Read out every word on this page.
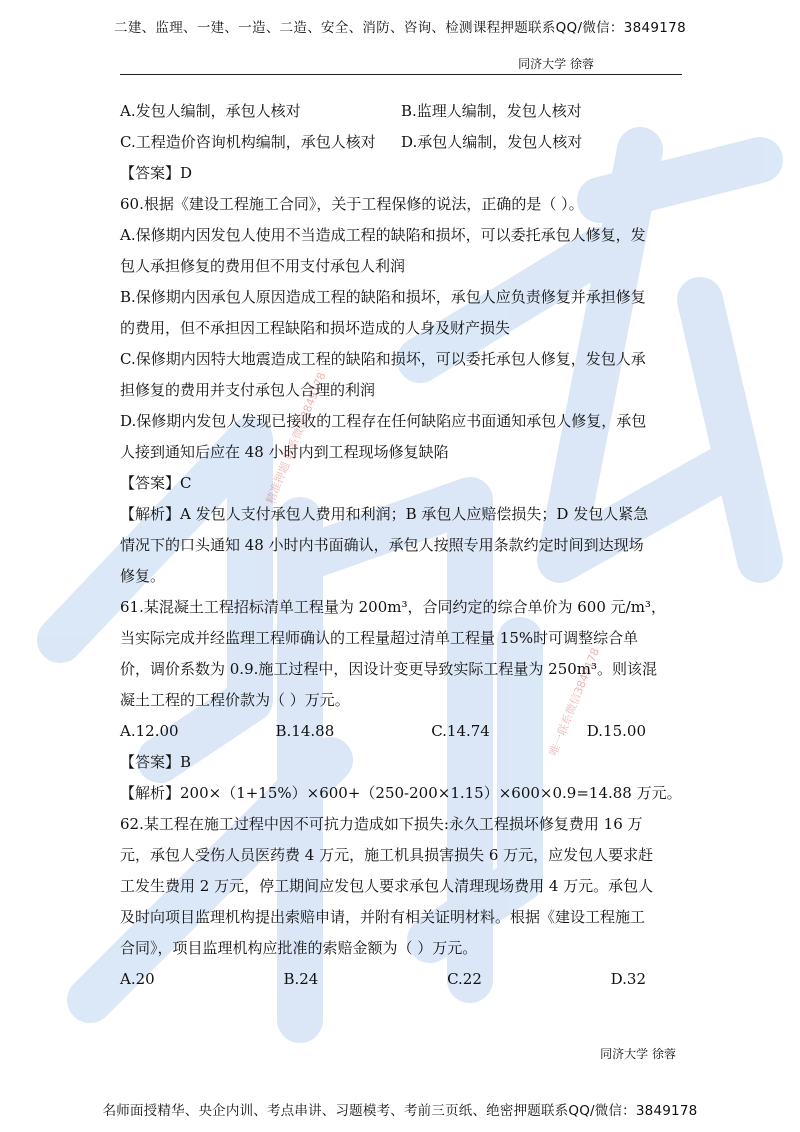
精准押题 联系微信3849178
唯一联系微信3849178
二建、监理、一建、一造、二造、安全、消防、咨询、检测课程押题联系QQ/微信：3849178
同济大学 徐蓉
A.发包人编制，承包人核对	B.监理人编制，发包人核对
C.工程造价咨询机构编制，承包人核对	D.承包人编制，发包人核对
【答案】D
60.根据《建设工程施工合同》，关于工程保修的说法，正确的是（ ）。
A.保修期内因发包人使用不当造成工程的缺陷和损坏，可以委托承包人修复，发
包人承担修复的费用但不用支付承包人利润
B.保修期内因承包人原因造成工程的缺陷和损坏，承包人应负责修复并承担修复
的费用，但不承担因工程缺陷和损坏造成的人身及财产损失
C.保修期内因特大地震造成工程的缺陷和损坏，可以委托承包人修复，发包人承
担修复的费用并支付承包人合理的利润
D.保修期内发包人发现已接收的工程存在任何缺陷应书面通知承包人修复，承包
人接到通知后应在 48 小时内到工程现场修复缺陷
【答案】C
【解析】A 发包人支付承包人费用和利润；B 承包人应赔偿损失；D 发包人紧急
情况下的口头通知 48 小时内书面确认，承包人按照专用条款约定时间到达现场
修复。
61.某混凝土工程招标清单工程量为 200m³，合同约定的综合单价为 600 元/m³，
当实际完成并经监理工程师确认的工程量超过清单工程量 15%时可调整综合单
价，调价系数为 0.9.施工过程中，因设计变更导致实际工程量为 250m³。则该混
凝土工程的工程价款为（ ）万元。
A.12.00	B.14.88	C.14.74	D.15.00
【答案】B
【解析】200×（1+15%）×600+（250-200×1.15）×600×0.9=14.88 万元。
62.某工程在施工过程中因不可抗力造成如下损失:永久工程损坏修复费用 16 万
元，承包人受伤人员医药费 4 万元，施工机具损害损失 6 万元，应发包人要求赶
工发生费用 2 万元，停工期间应发包人要求承包人清理现场费用 4 万元。承包人
及时向项目监理机构提出索赔申请，并附有相关证明材料。根据《建设工程施工
合同》，项目监理机构应批准的索赔金额为（ ）万元。
A.20	B.24	C.22	D.32
同济大学 徐蓉
名师面授精华、央企内训、考点串讲、习题模考、考前三页纸、绝密押题联系QQ/微信：3849178
